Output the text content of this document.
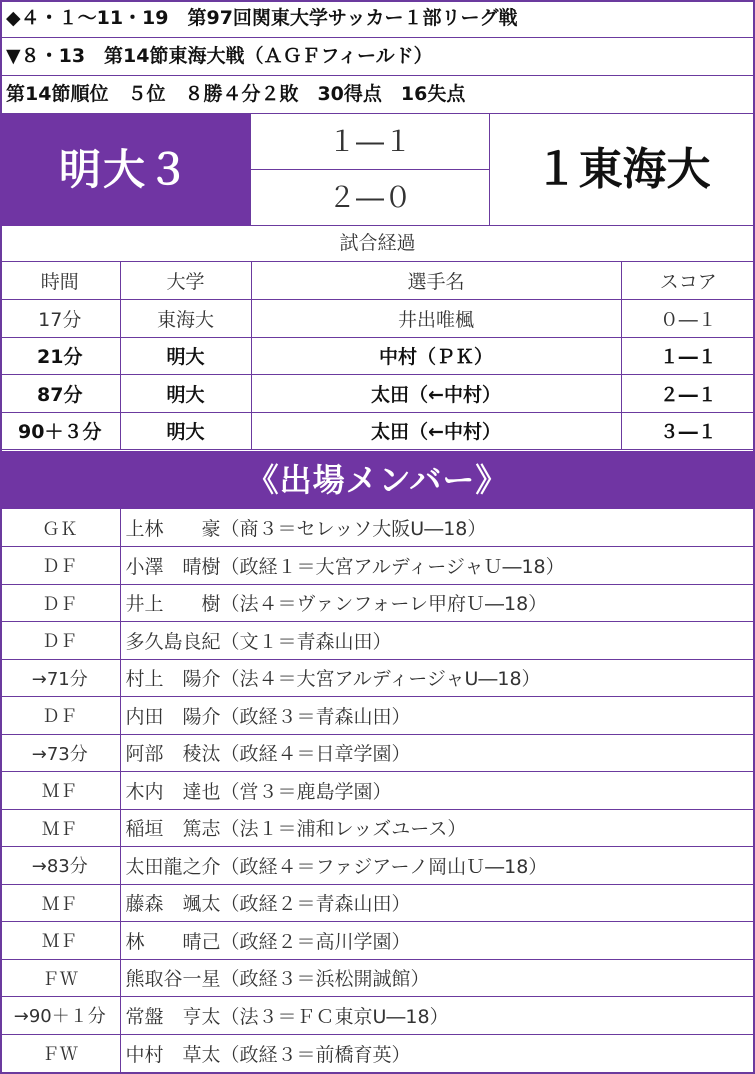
◆４・１〜11・19　第97回関東大学サッカー１部リーグ戦
▼８・13　第14節東海大戦（ＡＧＦフィールド）
第14節順位　５位　８勝４分２敗　30得点　16失点
明大３
１―１
２―０
１東海大
試合経過
時間	大学	選手名	スコア
17分	東海大	井出唯楓	０―１
21分	明大	中村（ＰＫ）	１―１
87分	明大	太田（←中村）	２―１
90＋３分	明大	太田（←中村）	３―１
《出場メンバー》
ＧＫ	上林　　豪（商３＝セレッソ大阪U―18）
ＤＦ	小澤　晴樹（政経１＝大宮アルディージャＵ―18）
ＤＦ	井上　　樹（法４＝ヴァンフォーレ甲府Ｕ―18）
ＤＦ	多久島良紀（文１＝青森山田）
→71分	村上　陽介（法４＝大宮アルディージャU―18）
ＤＦ	内田　陽介（政経３＝青森山田）
→73分	阿部　稜汰（政経４＝日章学園）
ＭＦ	木内　達也（営３＝鹿島学園）
ＭＦ	稲垣　篤志（法１＝浦和レッズユース）
→83分	太田龍之介（政経４＝ファジアーノ岡山Ｕ―18）
ＭＦ	藤森　颯太（政経２＝青森山田）
ＭＦ	林　　晴己（政経２＝高川学園）
ＦＷ	熊取谷一星（政経３＝浜松開誠館）
→90＋１分	常盤　亨太（法３＝ＦＣ東京U―18）
ＦＷ	中村　草太（政経３＝前橋育英）
